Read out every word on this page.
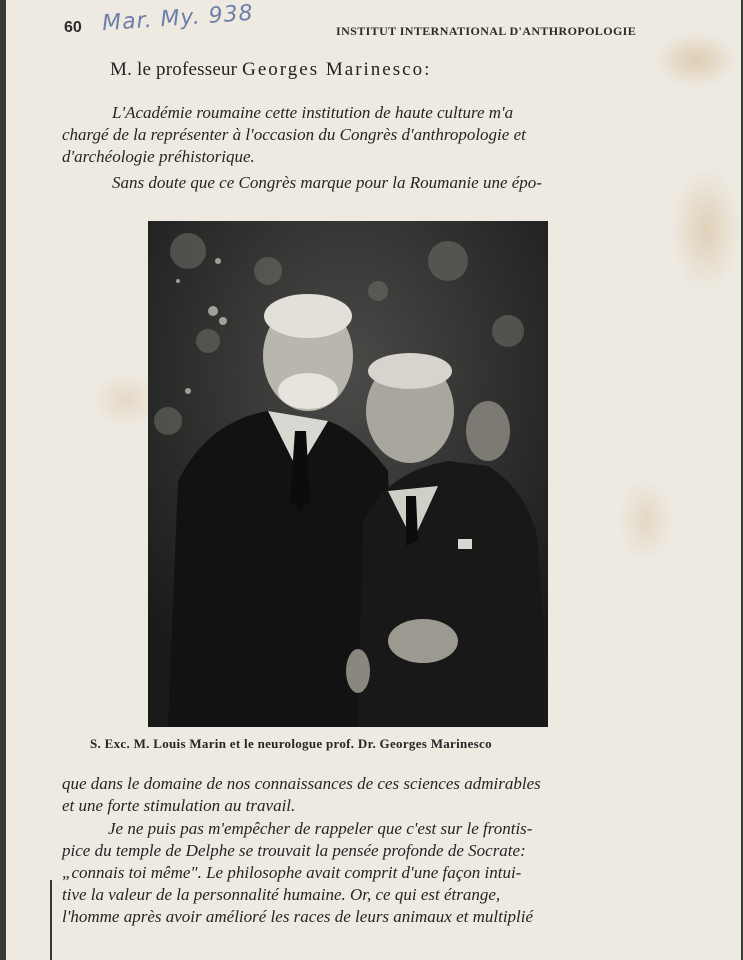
60 Mar. My. 938	INSTITUT INTERNATIONAL D'ANTHROPOLOGIE
M. le professeur Georges Marinesco:

L'Académie roumaine cette institution de haute culture m'a
chargé de la représenter à l'occasion du Congrès d'anthropologie et
d'archéologie préhistorique.

Sans doute que ce Congrès marque pour la Roumanie une épo-

S. Exc. M. Louis Marin et le neurologue prof. Dr. Georges Marinesco

que dans le domaine de nos connaissances de ces sciences admirables
et une forte stimulation au travail.

Je ne puis pas m'empêcher de rappeler que c'est sur le frontis-
pice du temple de Delphe se trouvait la pensée profonde de Socrate:
„connais toi même". Le philosophe avait comprit d'une façon intui-
tive la valeur de la personnalité humaine. Or, ce qui est étrange,
l'homme après avoir amélioré les races de leurs animaux et multiplié
